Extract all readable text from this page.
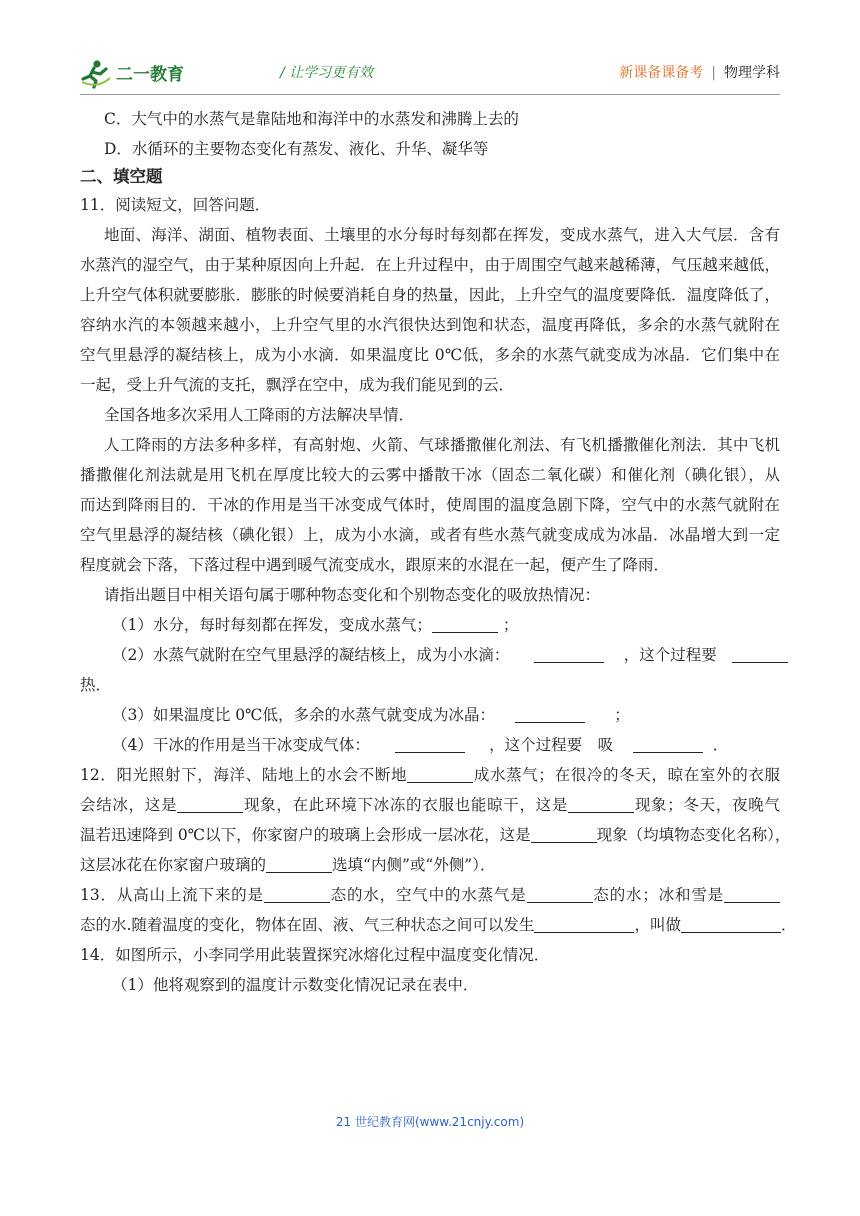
二一教育	/ 让学习更有效	新课备课备考 | 物理学科
C．大气中的水蒸气是靠陆地和海洋中的水蒸发和沸腾上去的
D．水循环的主要物态变化有蒸发、液化、升华、凝华等
二、填空题
11．阅读短文，回答问题．
地面、海洋、湖面、植物表面、土壤里的水分每时每刻都在挥发，变成水蒸气，进入大气层．含有
水蒸汽的湿空气，由于某种原因向上升起．在上升过程中，由于周围空气越来越稀薄，气压越来越低，
上升空气体积就要膨胀．膨胀的时候要消耗自身的热量，因此，上升空气的温度要降低．温度降低了，
容纳水汽的本领越来越小，上升空气里的水汽很快达到饱和状态，温度再降低，多余的水蒸气就附在
空气里悬浮的凝结核上，成为小水滴．如果温度比 0℃低，多余的水蒸气就变成为冰晶．它们集中在
一起，受上升气流的支托，飘浮在空中，成为我们能见到的云．
全国各地多次采用人工降雨的方法解决旱情．
人工降雨的方法多种多样，有高射炮、火箭、气球播撒催化剂法、有飞机播撒催化剂法．其中飞机
播撒催化剂法就是用飞机在厚度比较大的云雾中播散干冰（固态二氧化碳）和催化剂（碘化银），从
而达到降雨目的．干冰的作用是当干冰变成气体时，使周围的温度急剧下降，空气中的水蒸气就附在
空气里悬浮的凝结核（碘化银）上，成为小水滴，或者有些水蒸气就变成成为冰晶．冰晶增大到一定
程度就会下落，下落过程中遇到暖气流变成水，跟原来的水混在一起，便产生了降雨．
请指出题目中相关语句属于哪种物态变化和个别物态变化的吸放热情况：
（1）水分，每时每刻都在挥发，变成水蒸气；	；
（2）水蒸气就附在空气里悬浮的凝结核上，成为小水滴：	，这个过程要
热．
（3）如果温度比 0℃低，多余的水蒸气就变成为冰晶：	；
（4）干冰的作用是当干冰变成气体：	，这个过程要　吸	．
12．阳光照射下，海洋、陆地上的水会不断地	成水蒸气；在很冷的冬天，晾在室外的衣服
会结冰，这是	现象，在此环境下冰冻的衣服也能晾干，这是	现象；冬天，夜晚气
温若迅速降到 0℃以下，你家窗户的玻璃上会形成一层冰花，这是	现象（均填物态变化名称），
这层冰花在你家窗户玻璃的	选填“内侧”或“外侧”）．
13．从高山上流下来的是	态的水，空气中的水蒸气是	态的水；冰和雪是
态的水.随着温度的变化，物体在固、液、气三种状态之间可以发生	，叫做	．
14．如图所示，小李同学用此装置探究冰熔化过程中温度变化情况．
（1）他将观察到的温度计示数变化情况记录在表中．
21 世纪教育网(www.21cnjy.com)
